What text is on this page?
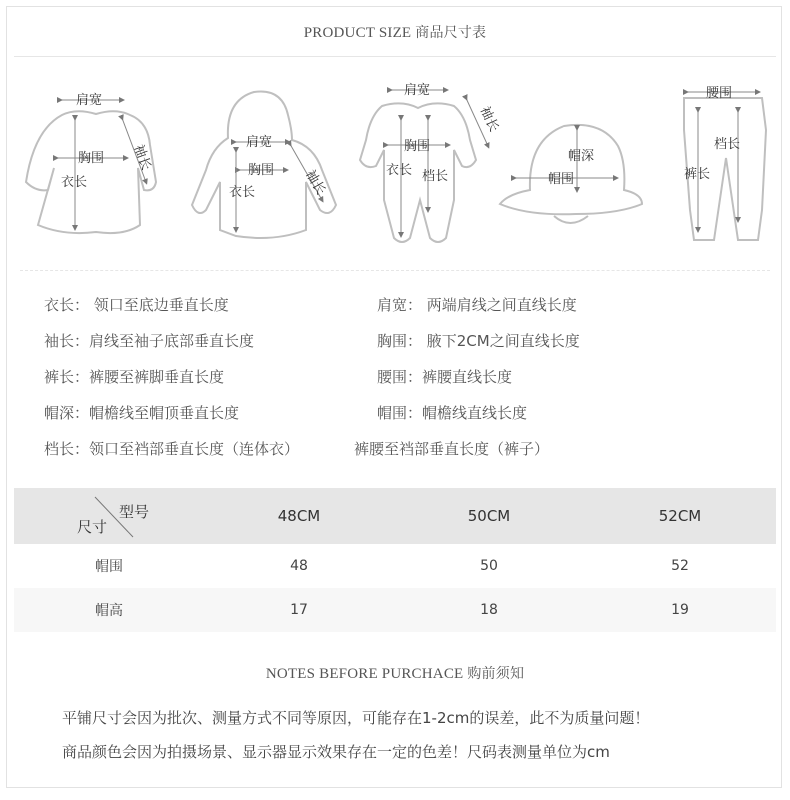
PRODUCT SIZE 商品尺寸表
肩宽
胸围
衣长
袖长
肩宽
胸围
衣长	袖长
肩宽
胸围
衣长 档长
袖长
帽深
帽围
腰围
档长
裤长
衣长： 领口至底边垂直长度	肩宽： 两端肩线之间直线长度
袖长：肩线至袖子底部垂直长度	胸围： 腋下2CM之间直线长度
裤长：裤腰至裤脚垂直长度	腰围：裤腰直线长度
帽深：帽檐线至帽顶垂直长度	帽围：帽檐线直线长度
档长：领口至裆部垂直长度（连体衣）	裤腰至裆部垂直长度（裤子）
型号
尺寸	48CM	50CM	52CM
帽围	48	50	52
帽高	17	18	19
NOTES BEFORE PURCHACE 购前须知
平铺尺寸会因为批次、测量方式不同等原因，可能存在1-2cm的误差，此不为质量问题！
商品颜色会因为拍摄场景、显示器显示效果存在一定的色差！尺码表测量单位为cm
